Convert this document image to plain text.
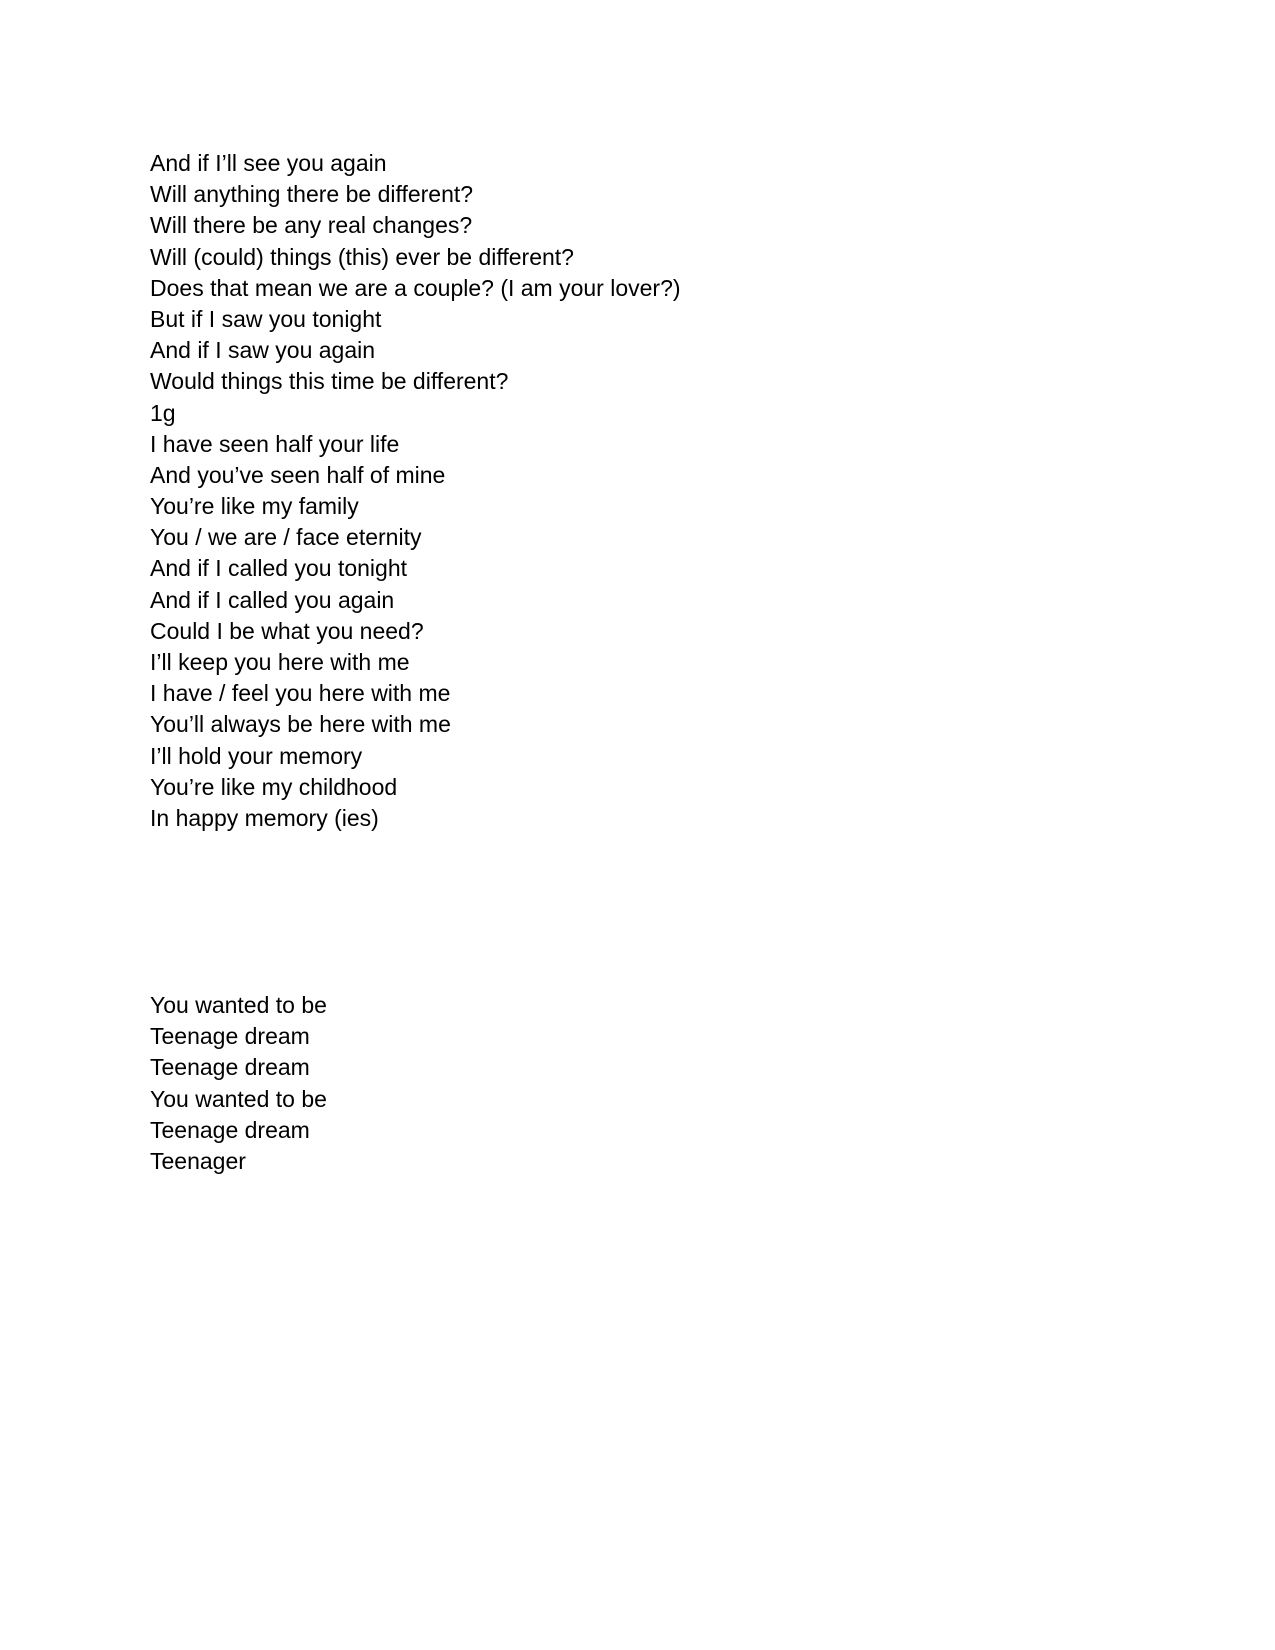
And if I’ll see you again
Will anything there be different?
Will there be any real changes?
Will (could) things (this) ever be different?
Does that mean we are a couple? (I am your lover?)
But if I saw you tonight
And if I saw you again
Would things this time be different?
1g
I have seen half your life
And you’ve seen half of mine
You’re like my family
You / we are / face eternity
And if I called you tonight
And if I called you again
Could I be what you need?
I’ll keep you here with me
I have / feel you here with me
You’ll always be here with me
I’ll hold your memory
You’re like my childhood
In happy memory (ies)
You wanted to be
Teenage dream
Teenage dream
You wanted to be
Teenage dream
Teenager
